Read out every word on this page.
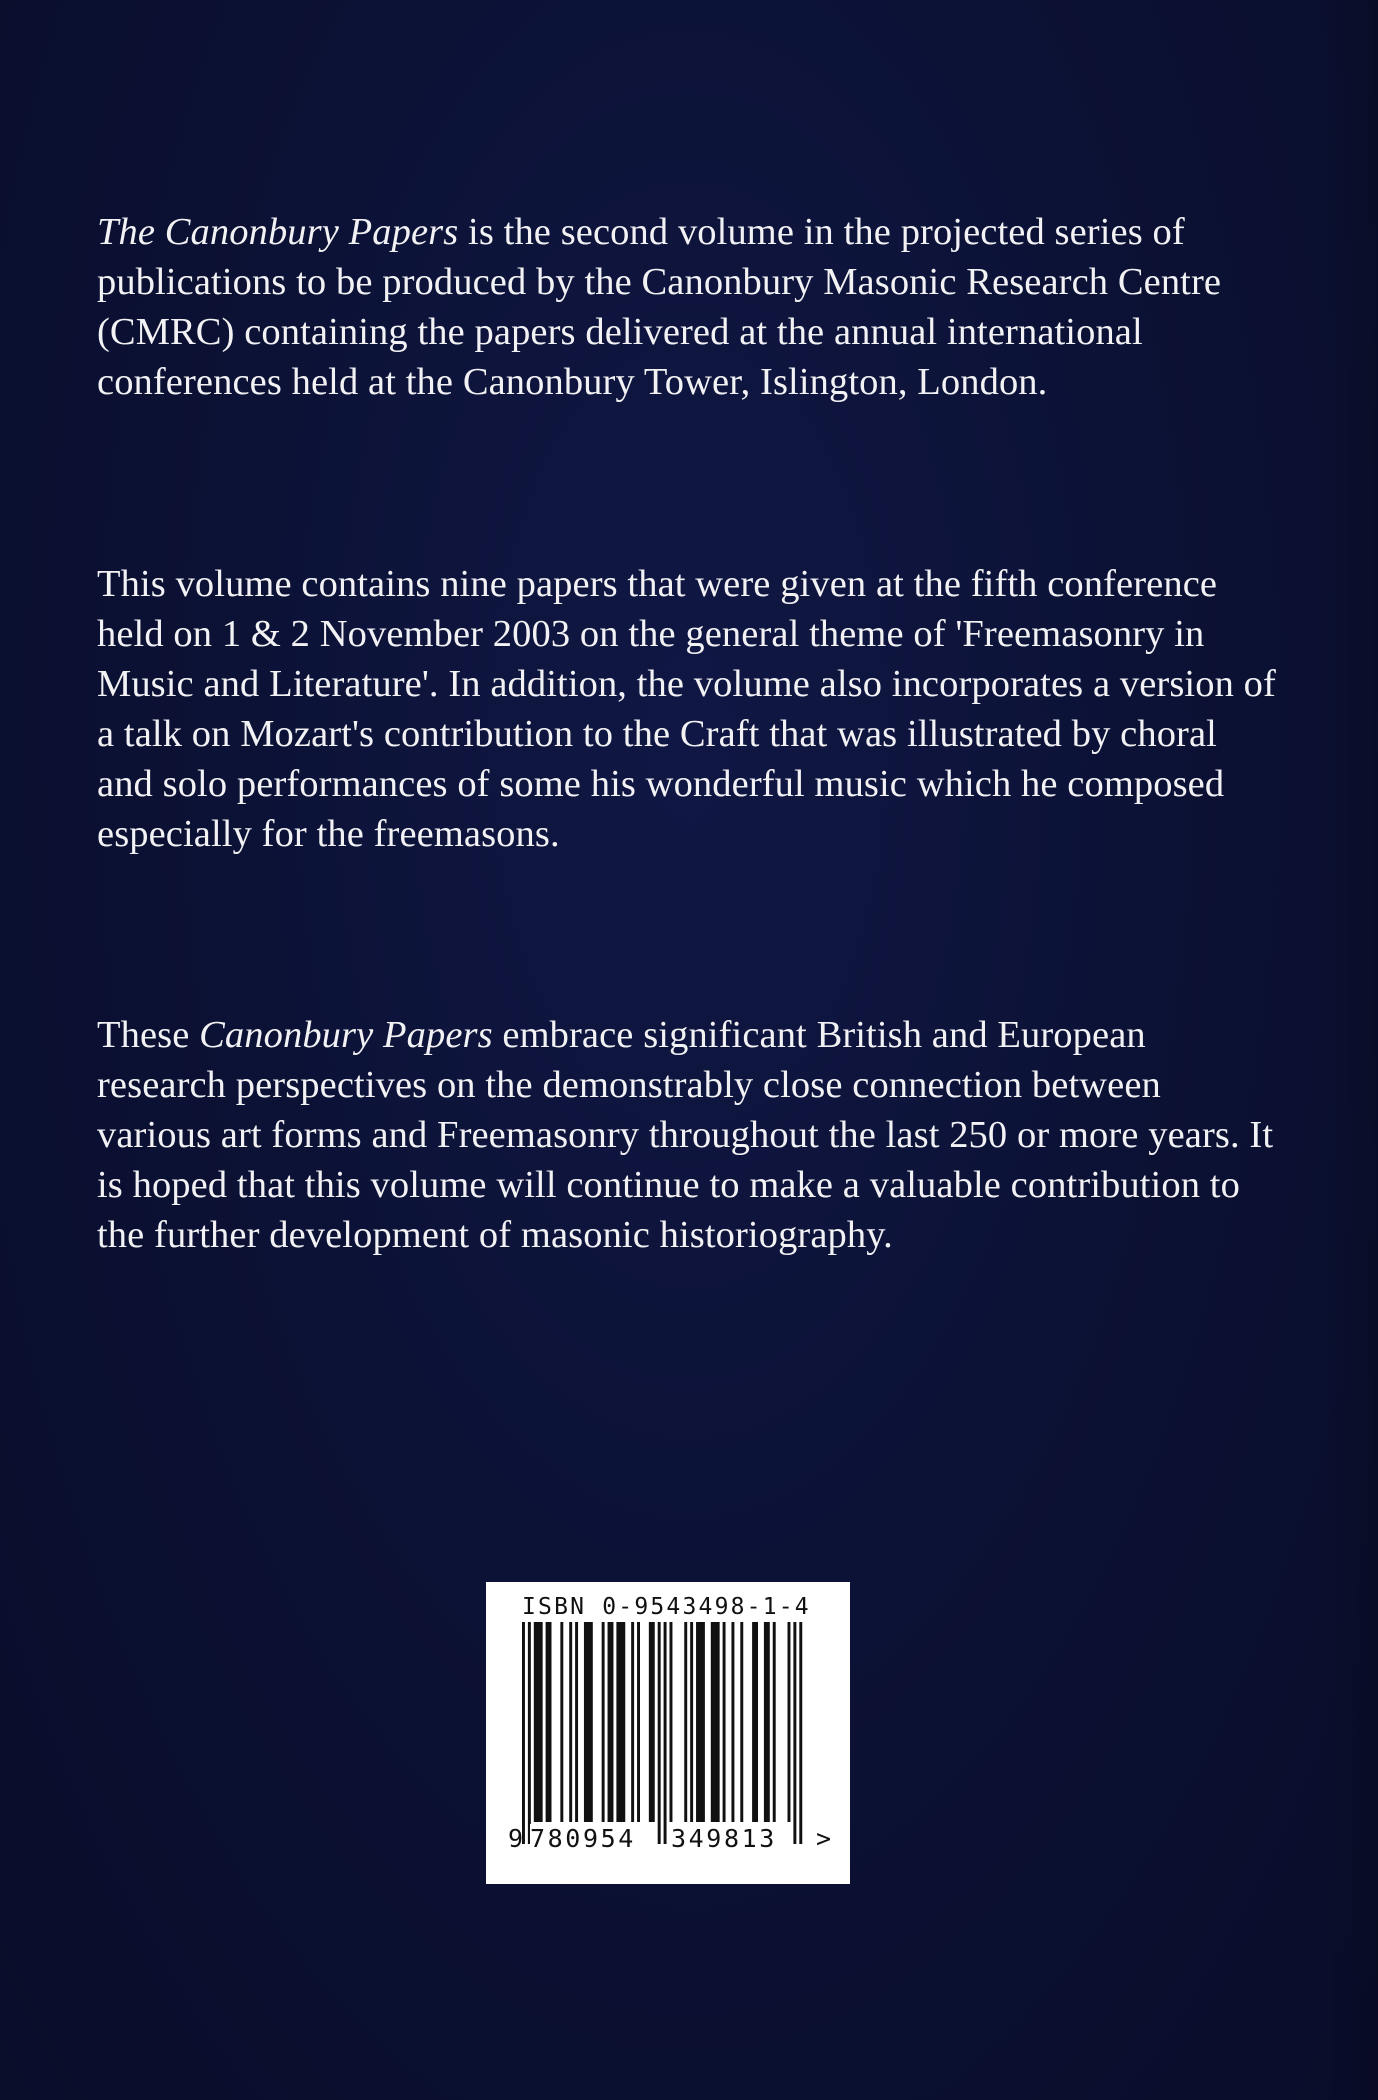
The Canonbury Papers is the second volume in the projected series of publications to be produced by the Canonbury Masonic Research Centre (CMRC) containing the papers delivered at the annual international conferences held at the Canonbury Tower, Islington, London.

This volume contains nine papers that were given at the fifth conference held on 1 & 2 November 2003 on the general theme of 'Freemasonry in Music and Literature'. In addition, the volume also incorporates a version of a talk on Mozart's contribution to the Craft that was illustrated by choral and solo performances of some his wonderful music which he composed especially for the freemasons.

These Canonbury Papers embrace significant British and European research perspectives on the demonstrably close connection between various art forms and Freemasonry throughout the last 250 or more years. It is hoped that this volume will continue to make a valuable contribution to the further development of masonic historiography.

ISBN 0-9543498-1-4
9 780954 349813 >
